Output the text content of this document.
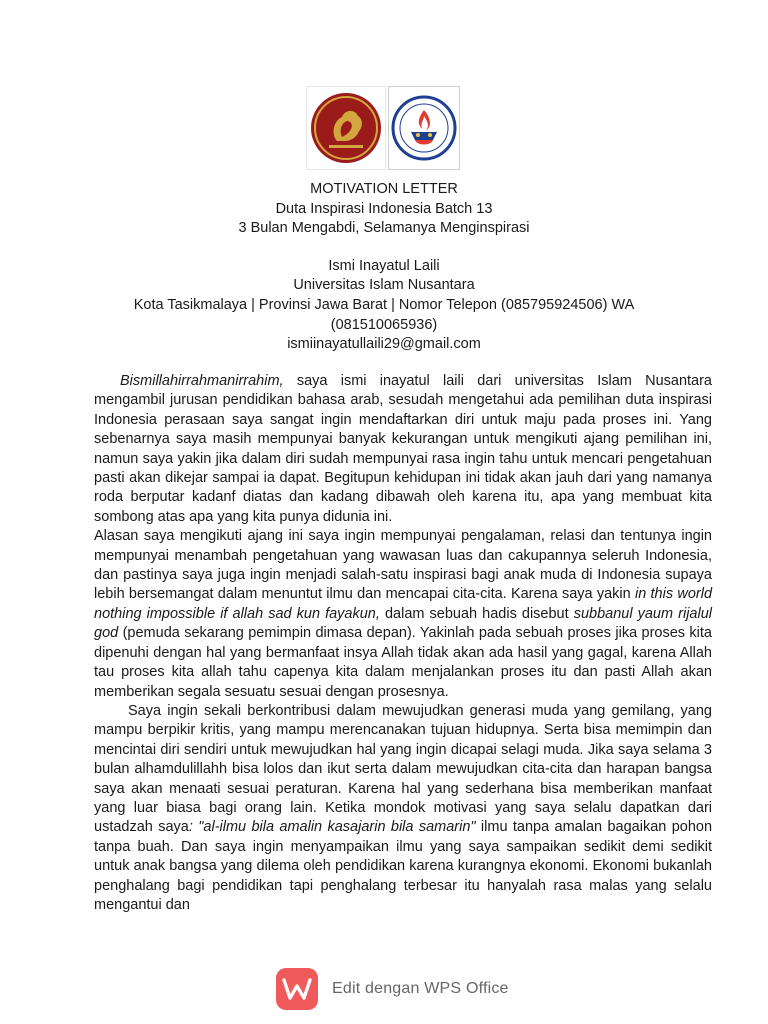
MOTIVATION LETTER
Duta Inspirasi Indonesia Batch 13
3 Bulan Mengabdi, Selamanya Menginspirasi
Ismi Inayatul Laili
Universitas Islam Nusantara
Kota Tasikmalaya | Provinsi Jawa Barat | Nomor Telepon (085795924506) WA
(081510065936)
ismiinayatullaili29@gmail.com

Bismillahirrahmanirrahim, saya ismi inayatul laili dari universitas Islam Nusantara mengambil jurusan pendidikan bahasa arab, sesudah mengetahui ada pemilihan duta inspirasi Indonesia perasaan saya sangat ingin mendaftarkan diri untuk maju pada proses ini. Yang sebenarnya saya masih mempunyai banyak kekurangan untuk mengikuti ajang pemilihan ini, namun saya yakin jika dalam diri sudah mempunyai rasa ingin tahu untuk mencari pengetahuan pasti akan dikejar sampai ia dapat. Begitupun kehidupan ini tidak akan jauh dari yang namanya roda berputar kadanf diatas dan kadang dibawah oleh karena itu, apa yang membuat kita sombong atas apa yang kita punya didunia ini.

Alasan saya mengikuti ajang ini saya ingin mempunyai pengalaman, relasi dan tentunya ingin mempunyai menambah pengetahuan yang wawasan luas dan cakupannya seleruh Indonesia, dan pastinya saya juga ingin menjadi salah-satu inspirasi bagi anak muda di Indonesia supaya lebih bersemangat dalam menuntut ilmu dan mencapai cita-cita. Karena saya yakin in this world nothing impossible if allah sad kun fayakun, dalam sebuah hadis disebut subbanul yaum rijalul god (pemuda sekarang pemimpin dimasa depan). Yakinlah pada sebuah proses jika proses kita dipenuhi dengan hal yang bermanfaat insya Allah tidak akan ada hasil yang gagal, karena Allah tau proses kita allah tahu capenya kita dalam menjalankan proses itu dan pasti Allah akan memberikan segala sesuatu sesuai dengan prosesnya.

Saya ingin sekali berkontribusi dalam mewujudkan generasi muda yang gemilang, yang mampu berpikir kritis, yang mampu merencanakan tujuan hidupnya. Serta bisa memimpin dan mencintai diri sendiri untuk mewujudkan hal yang ingin dicapai selagi muda. Jika saya selama 3 bulan alhamdulillahh bisa lolos dan ikut serta dalam mewujudkan cita-cita dan harapan bangsa saya akan menaati sesuai peraturan. Karena hal yang sederhana bisa memberikan manfaat yang luar biasa bagi orang lain. Ketika mondok motivasi yang saya selalu dapatkan dari ustadzah saya: "al-ilmu bila amalin kasajarin bila samarin" ilmu tanpa amalan bagaikan pohon tanpa buah. Dan saya ingin menyampaikan ilmu yang saya sampaikan sedikit demi sedikit untuk anak bangsa yang dilema oleh pendidikan karena kurangnya ekonomi. Ekonomi bukanlah penghalang bagi pendidikan tapi penghalang terbesar itu hanyalah rasa malas yang selalu mengantui dan

Edit dengan WPS Office
